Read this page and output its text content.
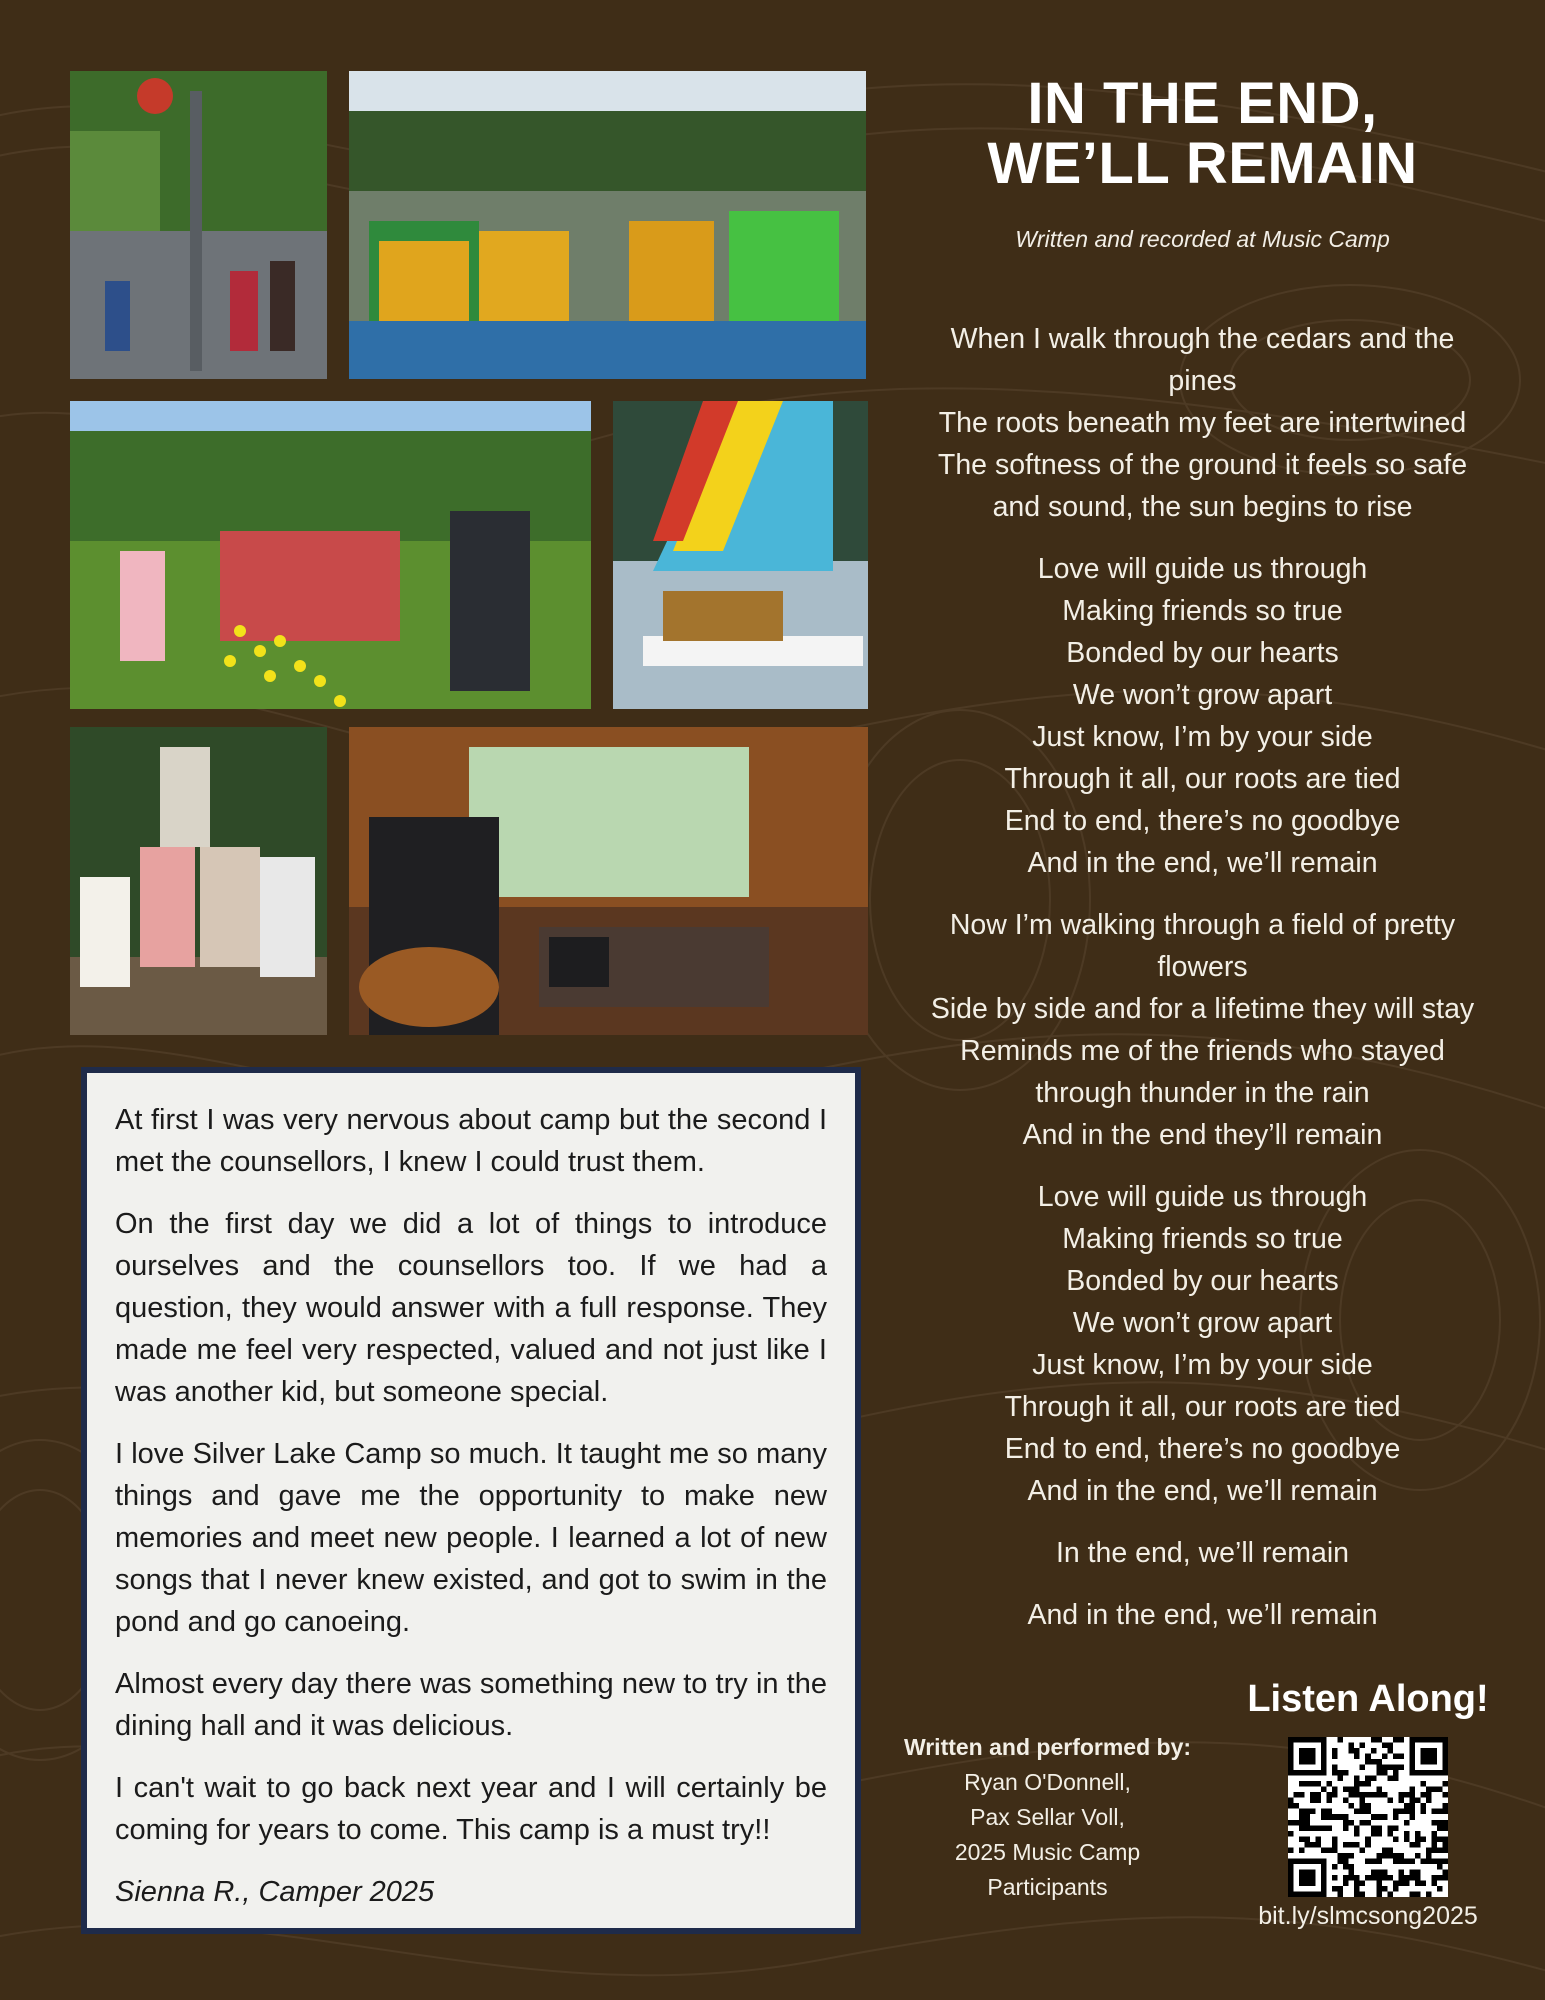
At first I was very nervous about camp but the second I met the counsellors, I knew I could trust them.

On the first day we did a lot of things to introduce ourselves and the counsellors too. If we had a question, they would answer with a full response. They made me feel very respected, valued and not just like I was another kid, but someone special.

I love Silver Lake Camp so much. It taught me so many things and gave me the opportunity to make new memories and meet new people. I learned a lot of new songs that I never knew existed, and got to swim in the pond and go canoeing.

Almost every day there was something new to try in the dining hall and it was delicious.

I can't wait to go back next year and I will certainly be coming for years to come. This camp is a must try!!

Sienna R., Camper 2025

IN THE END,
WE’LL REMAIN
Written and recorded at Music Camp
When I walk through the cedars and the
pines
The roots beneath my feet are intertwined
The softness of the ground it feels so safe
and sound, the sun begins to rise
Love will guide us through
Making friends so true
Bonded by our hearts
We won’t grow apart
Just know, I’m by your side
Through it all, our roots are tied
End to end, there’s no goodbye
And in the end, we’ll remain
Now I’m walking through a field of pretty
flowers
Side by side and for a lifetime they will stay
Reminds me of the friends who stayed
through thunder in the rain
And in the end they’ll remain
Love will guide us through
Making friends so true
Bonded by our hearts
We won’t grow apart
Just know, I’m by your side
Through it all, our roots are tied
End to end, there’s no goodbye
And in the end, we’ll remain
In the end, we’ll remain
And in the end, we’ll remain
Written and performed by:
Ryan O'Donnell,
Pax Sellar Voll,
2025 Music Camp
Participants
Listen Along!
bit.ly/slmcsong2025
